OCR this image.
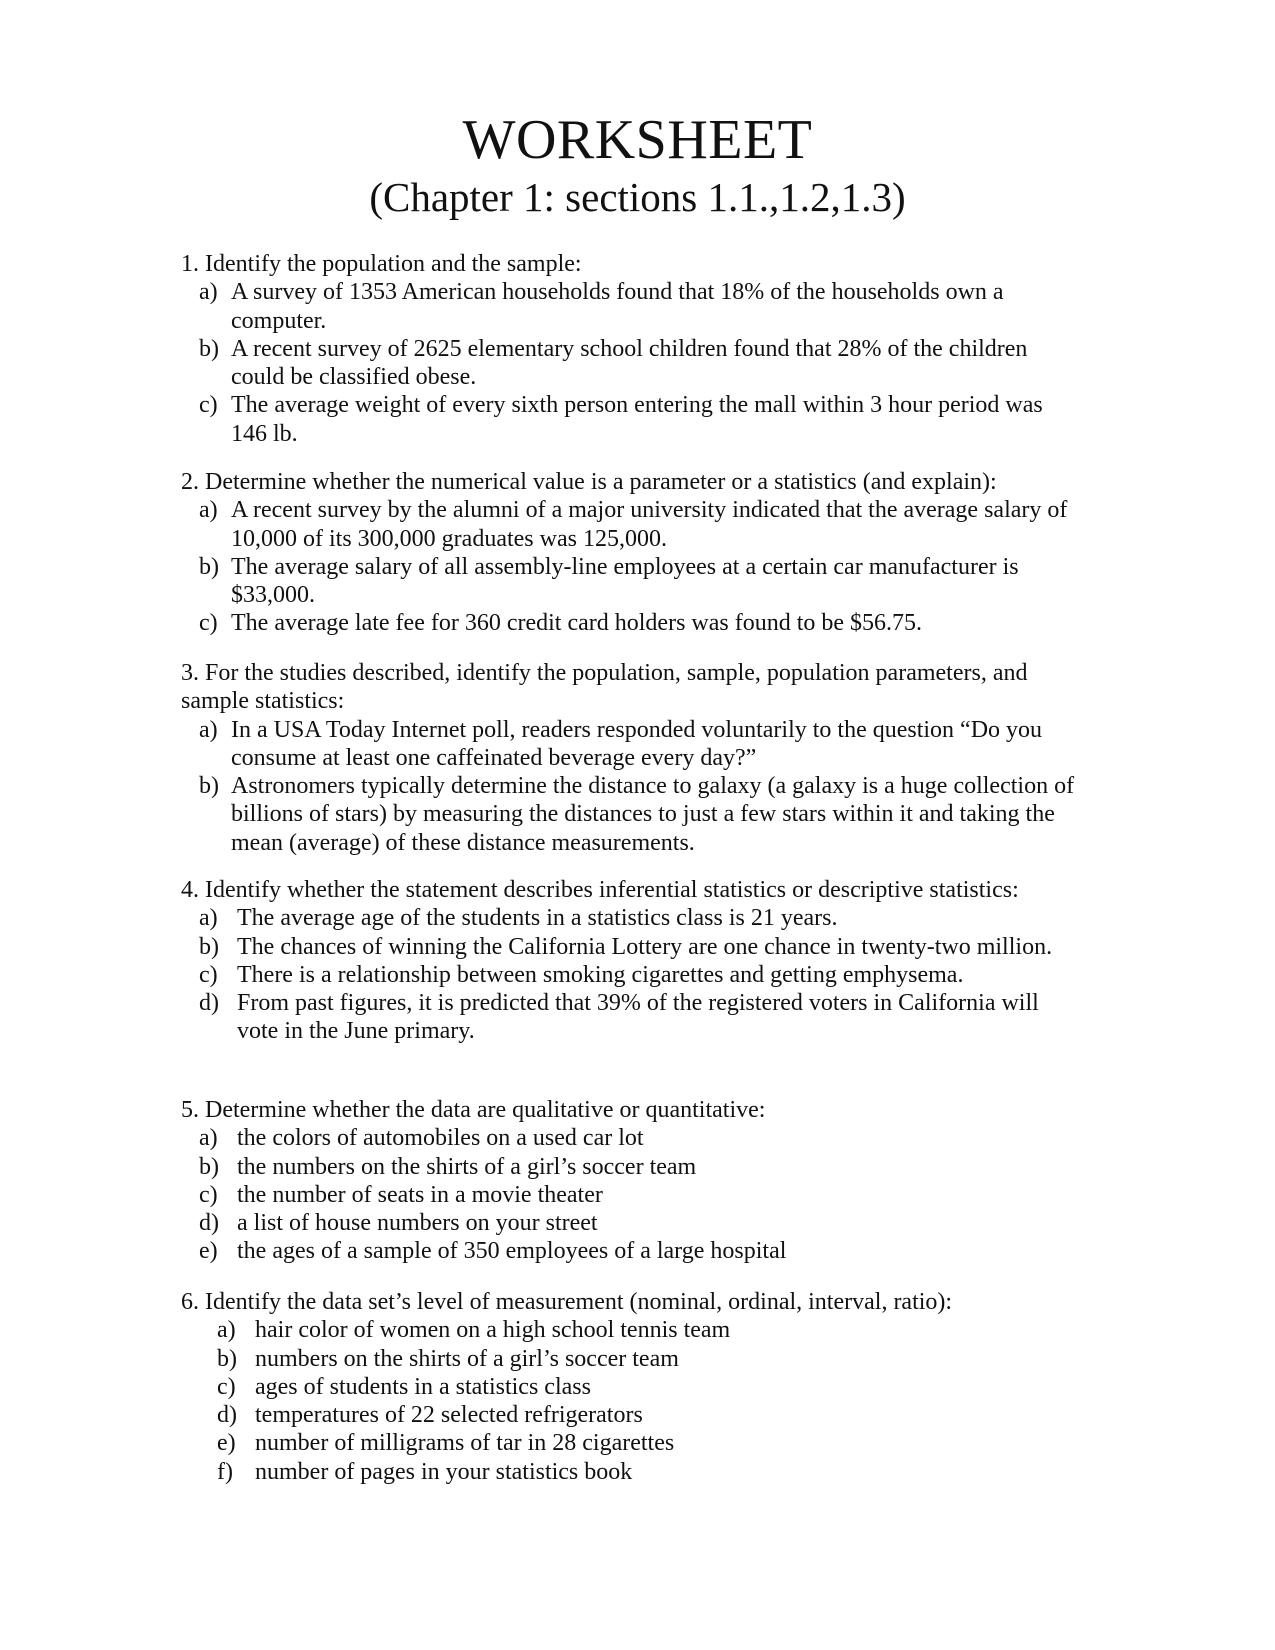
WORKSHEET
(Chapter 1: sections 1.1.,1.2,1.3)
1. Identify the population and the sample:
a) A survey of 1353 American households found that 18% of the households own a computer.
b) A recent survey of 2625 elementary school children found that 28% of the children could be classified obese.
c) The average weight of every sixth person entering the mall within 3 hour period was 146 lb.
2. Determine whether the numerical value is a parameter or a statistics (and explain):
a) A recent survey by the alumni of a major university indicated that the average salary of 10,000 of its 300,000 graduates was 125,000.
b) The average salary of all assembly-line employees at a certain car manufacturer is $33,000.
c) The average late fee for 360 credit card holders was found to be $56.75.
3. For the studies described, identify the population, sample, population parameters, and sample statistics:
a) In a USA Today Internet poll, readers responded voluntarily to the question “Do you consume at least one caffeinated beverage every day?”
b) Astronomers typically determine the distance to galaxy (a galaxy is a huge collection of billions of stars) by measuring the distances to just a few stars within it and taking the mean (average) of these distance measurements.
4. Identify whether the statement describes inferential statistics or descriptive statistics:
a) The average age of the students in a statistics class is 21 years.
b) The chances of winning the California Lottery are one chance in twenty-two million.
c) There is a relationship between smoking cigarettes and getting emphysema.
d) From past figures, it is predicted that 39% of the registered voters in California will vote in the June primary.
5. Determine whether the data are qualitative or quantitative:
a) the colors of automobiles on a used car lot
b) the numbers on the shirts of a girl’s soccer team
c) the number of seats in a movie theater
d) a list of house numbers on your street
e) the ages of a sample of 350 employees of a large hospital
6. Identify the data set’s level of measurement (nominal, ordinal, interval, ratio):
a) hair color of women on a high school tennis team
b) numbers on the shirts of a girl’s soccer team
c) ages of students in a statistics class
d) temperatures of 22 selected refrigerators
e) number of milligrams of tar in 28 cigarettes
f) number of pages in your statistics book
